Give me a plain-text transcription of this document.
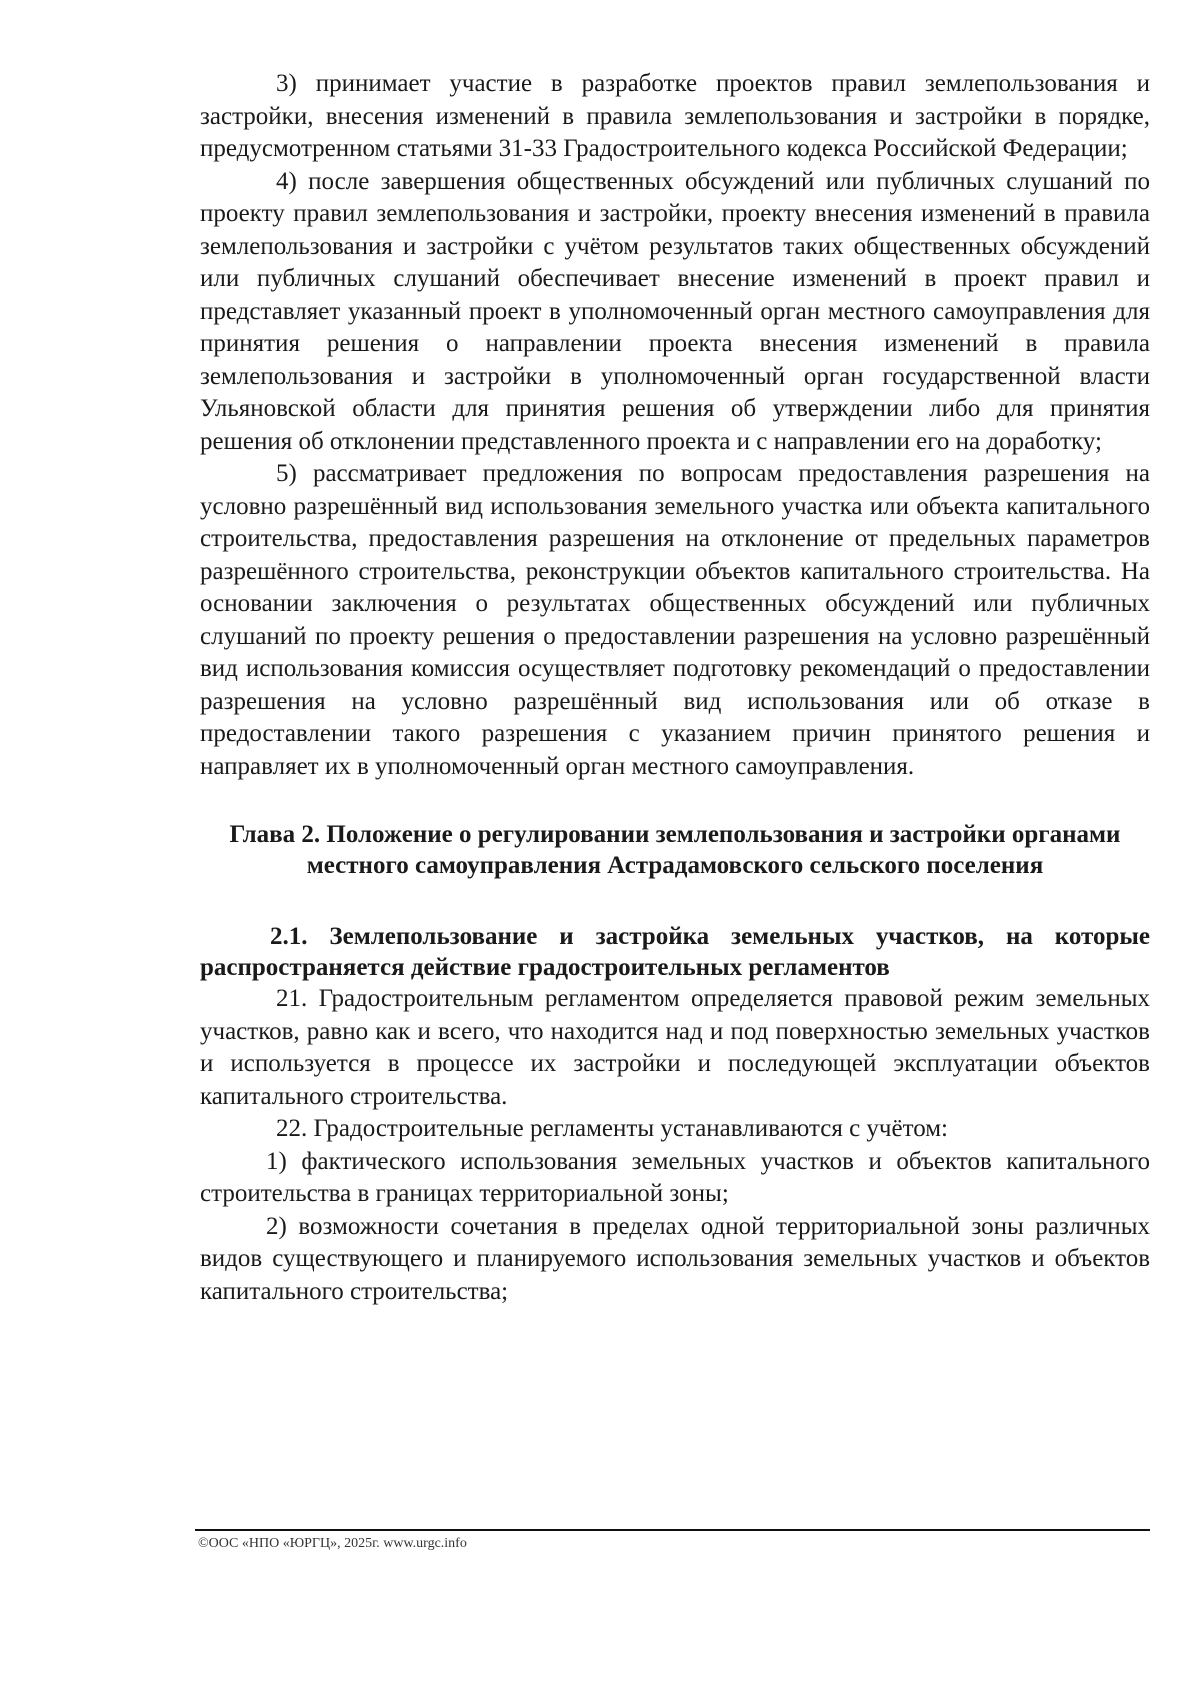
3) принимает участие в разработке проектов правил землепользования и застройки, внесения изменений в правила землепользования и застройки в порядке, предусмотренном статьями 31-33 Градостроительного кодекса Российской Федерации;

4) после завершения общественных обсуждений или публичных слушаний по проекту правил землепользования и застройки, проекту внесения изменений в правила землепользования и застройки с учётом результатов таких общественных обсуждений или публичных слушаний обеспечивает внесение изменений в проект правил и представляет указанный проект в уполномоченный орган местного самоуправления для принятия решения о направлении проекта внесения изменений в правила землепользования и застройки в уполномоченный орган государственной власти Ульяновской области для принятия решения об утверждении либо для принятия решения об отклонении представленного проекта и с направлении его на доработку;

5) рассматривает предложения по вопросам предоставления разрешения на условно разрешённый вид использования земельного участка или объекта капитального строительства, предоставления разрешения на отклонение от предельных параметров разрешённого строительства, реконструкции объектов капитального строительства. На основании заключения о результатах общественных обсуждений или публичных слушаний по проекту решения о предоставлении разрешения на условно разрешённый вид использования комиссия осуществляет подготовку рекомендаций о предоставлении разрешения на условно разрешённый вид использования или об отказе в предоставлении такого разрешения с указанием причин принятого решения и направляет их в уполномоченный орган местного самоуправления.

Глава 2. Положение о регулировании землепользования и застройки органами местного самоуправления Астрадамовского сельского поселения
2.1. Землепользование и застройка земельных участков, на которые распространяется действие градостроительных регламентов

21. Градостроительным регламентом определяется правовой режим земельных участков, равно как и всего, что находится над и под поверхностью земельных участков и используется в процессе их застройки и последующей эксплуатации объектов капитального строительства.

22. Градостроительные регламенты устанавливаются с учётом:

1) фактического использования земельных участков и объектов капитального строительства в границах территориальной зоны;

2) возможности сочетания в пределах одной территориальной зоны различных видов существующего и планируемого использования земельных участков и объектов капитального строительства;

©ООС «НПО «ЮРГЦ», 2025г. www.urgc.info
